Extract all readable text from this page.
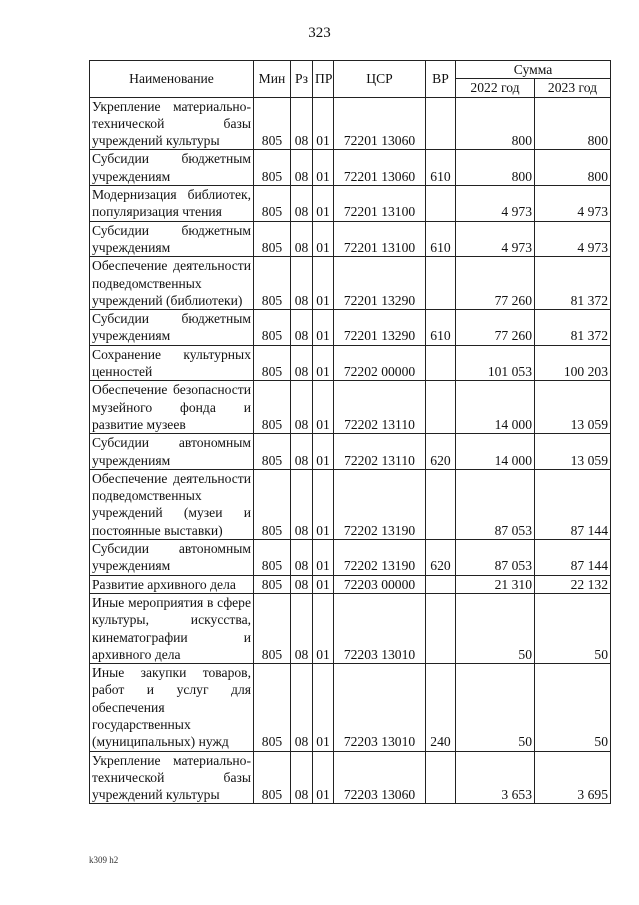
323
Наименование	Мин	Рз	ПР	ЦСР	ВР	Сумма	
						2022 год	2023 год
Укрепление материально-технической базы учреждений культуры	805	08	01	72201 13060		800	800
Субсидии бюджетным учреждениям	805	08	01	72201 13060	610	800	800
Модернизация библиотек, популяризация чтения	805	08	01	72201 13100		4 973	4 973
Субсидии бюджетным учреждениям	805	08	01	72201 13100	610	4 973	4 973
Обеспечение деятельности подведомственных учреждений (библиотеки)	805	08	01	72201 13290		77 260	81 372
Субсидии бюджетным учреждениям	805	08	01	72201 13290	610	77 260	81 372
Сохранение культурных ценностей	805	08	01	72202 00000		101 053	100 203
Обеспечение безопасности музейного фонда и развитие музеев	805	08	01	72202 13110		14 000	13 059
Субсидии автономным учреждениям	805	08	01	72202 13110	620	14 000	13 059
Обеспечение деятельности подведомственных учреждений (музеи и постоянные выставки)	805	08	01	72202 13190		87 053	87 144
Субсидии автономным учреждениям	805	08	01	72202 13190	620	87 053	87 144
Развитие архивного дела	805	08	01	72203 00000		21 310	22 132
Иные мероприятия в сфере культуры, искусства, кинематографии и архивного дела	805	08	01	72203 13010		50	50
Иные закупки товаров, работ и услуг для обеспечения государственных (муниципальных) нужд	805	08	01	72203 13010	240	50	50
Укрепление материально-технической базы учреждений культуры	805	08	01	72203 13060		3 653	3 695
k309 h2
